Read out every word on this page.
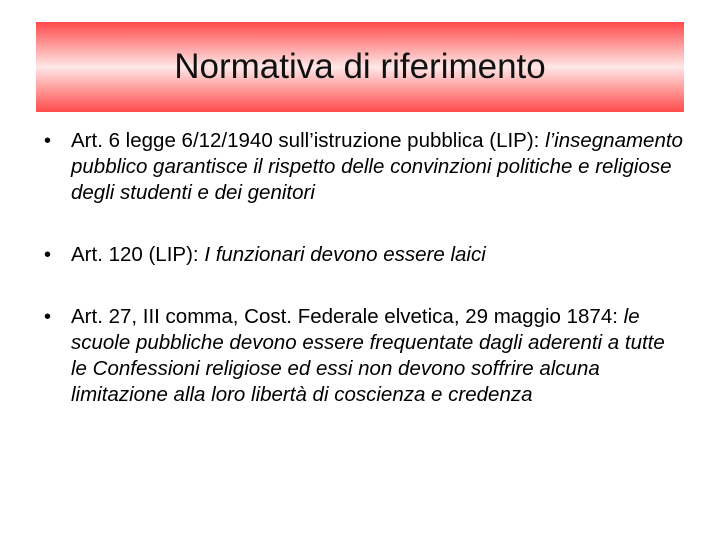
Normativa di riferimento
• Art. 6 legge 6/12/1940 sull’istruzione pubblica (LIP): l’insegnamento pubblico garantisce il rispetto delle convinzioni politiche e religiose degli studenti e dei genitori
• Art. 120 (LIP): I funzionari devono essere laici
• Art. 27, III comma, Cost. Federale elvetica, 29 maggio 1874: le scuole pubbliche devono essere frequentate dagli aderenti a tutte le Confessioni religiose ed essi non devono soffrire alcuna limitazione alla loro libertà di coscienza e credenza
